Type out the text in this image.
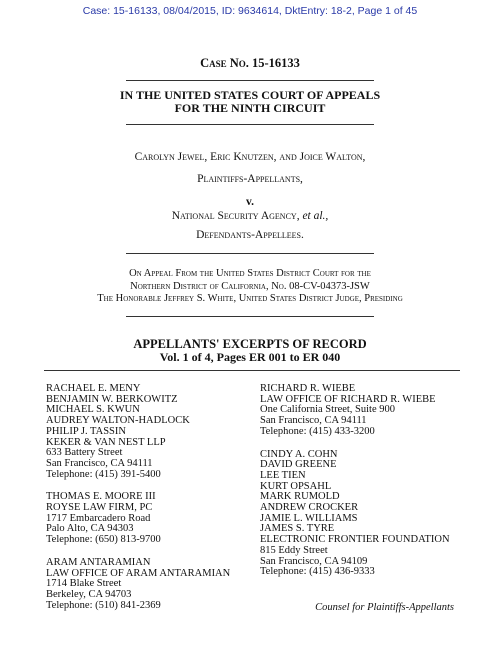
Case: 15-16133, 08/04/2015, ID: 9634614, DktEntry: 18-2, Page 1 of 45
Case No. 15-16133
IN THE UNITED STATES COURT OF APPEALS
FOR THE NINTH CIRCUIT
Carolyn Jewel, Eric Knutzen, and Joice Walton,
Plaintiffs-Appellants,
v.
National Security Agency, et al.,
Defendants-Appellees.
On Appeal From the United States District Court for the
Northern District of California, No. 08-CV-04373-JSW
The Honorable Jeffrey S. White, United States District Judge, Presiding
APPELLANTS' EXCERPTS OF RECORD
Vol. 1 of 4, Pages ER 001 to ER 040
RACHAEL E. MENY
BENJAMIN W. BERKOWITZ
MICHAEL S. KWUN
AUDREY WALTON-HADLOCK
PHILIP J. TASSIN
KEKER & VAN NEST LLP
633 Battery Street
San Francisco, CA 94111
Telephone: (415) 391-5400
THOMAS E. MOORE III
ROYSE LAW FIRM, PC
1717 Embarcadero Road
Palo Alto, CA 94303
Telephone: (650) 813-9700
ARAM ANTARAMIAN
LAW OFFICE OF ARAM ANTARAMIAN
1714 Blake Street
Berkeley, CA 94703
Telephone: (510) 841-2369
RICHARD R. WIEBE
LAW OFFICE OF RICHARD R. WIEBE
One California Street, Suite 900
San Francisco, CA 94111
Telephone: (415) 433-3200
CINDY A. COHN
DAVID GREENE
LEE TIEN
KURT OPSAHL
MARK RUMOLD
ANDREW CROCKER
JAMIE L. WILLIAMS
JAMES S. TYRE
ELECTRONIC FRONTIER FOUNDATION
815 Eddy Street
San Francisco, CA 94109
Telephone: (415) 436-9333
Counsel for Plaintiffs-Appellants
